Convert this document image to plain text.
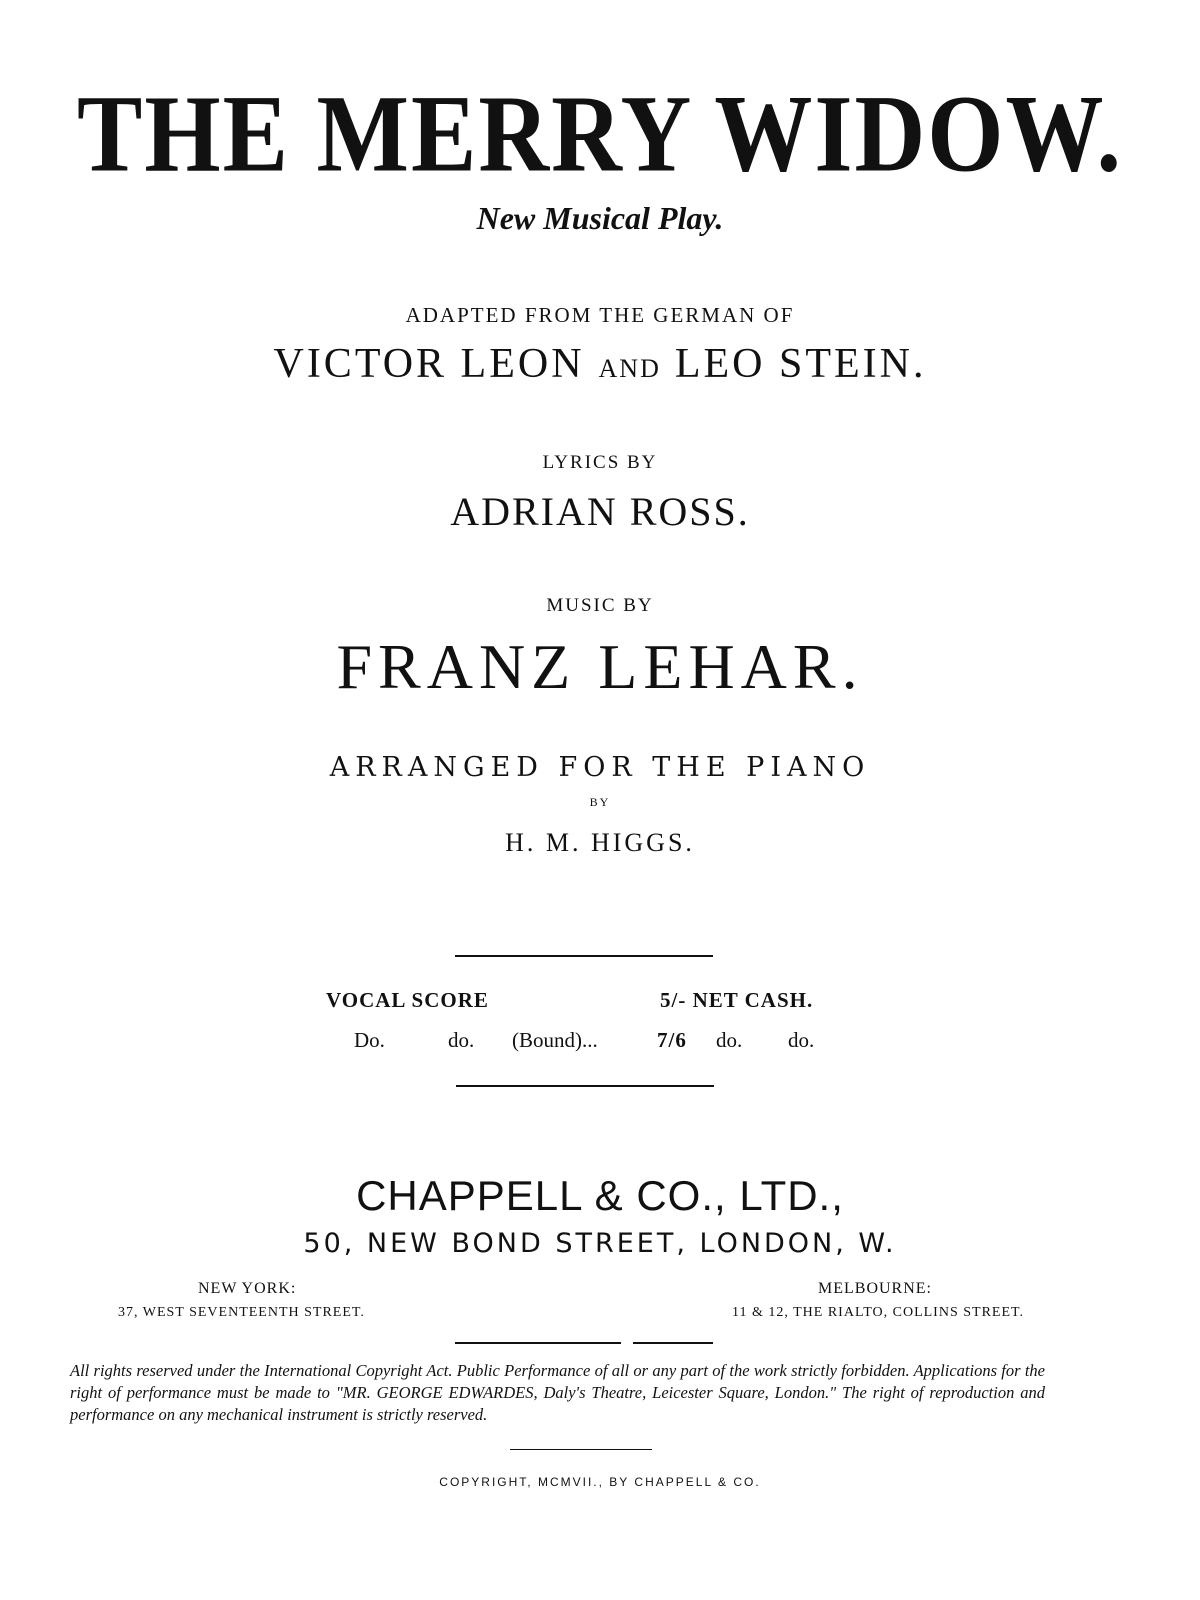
THE MERRY WIDOW.
New Musical Play.
ADAPTED FROM THE GERMAN OF
VICTOR LEON AND LEO STEIN.
LYRICS BY
ADRIAN ROSS.
MUSIC BY
FRANZ LEHAR.
ARRANGED FOR THE PIANO
BY
H. M. HIGGS.
VOCAL SCORE	5/- NET CASH.
Do.	do. (Bound)...	7/6 do. do.
CHAPPELL & CO., LTD.,
50, NEW BOND STREET, LONDON, W.
NEW YORK:
37, WEST SEVENTEENTH STREET.
MELBOURNE:
11 & 12, THE RIALTO, COLLINS STREET.
All rights reserved under the International Copyright Act. Public Performance of all or any part of the work strictly forbidden. Applications for the right of performance must be made to "MR. GEORGE EDWARDES, Daly's Theatre, Leicester Square, London." The right of reproduction and performance on any mechanical instrument is strictly reserved.
COPYRIGHT, MCMVII., BY CHAPPELL & CO.
